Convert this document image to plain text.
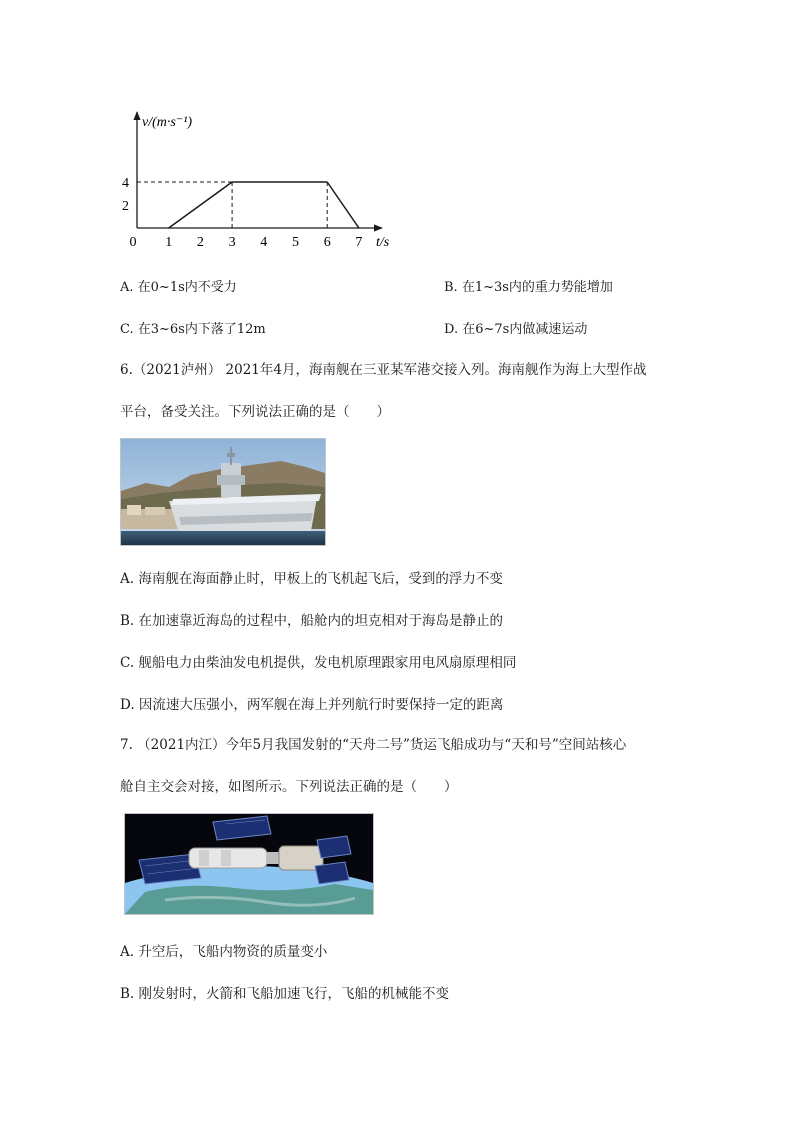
1 2 3 4 5 6 7
2
4
v/(m·s⁻¹)
t/s
0
A. 在0~1s内不受力	B. 在1~3s内的重力势能增加
C. 在3~6s内下落了12m	D. 在6~7s内做减速运动
6.（2021泸州） 2021年4月，海南舰在三亚某军港交接入列。海南舰作为海上大型作战
平台，备受关注。下列说法正确的是（　　）
A. 海南舰在海面静止时，甲板上的飞机起飞后，受到的浮力不变
B. 在加速靠近海岛的过程中，船舱内的坦克相对于海岛是静止的
C. 舰船电力由柴油发电机提供，发电机原理跟家用电风扇原理相同
D. 因流速大压强小，两军舰在海上并列航行时要保持一定的距离
7. （2021内江）今年5月我国发射的“天舟二号”货运飞船成功与“天和号”空间站核心
舱自主交会对接，如图所示。下列说法正确的是（　　）
A. 升空后，飞船内物资的质量变小
B. 刚发射时，火箭和飞船加速飞行，飞船的机械能不变
